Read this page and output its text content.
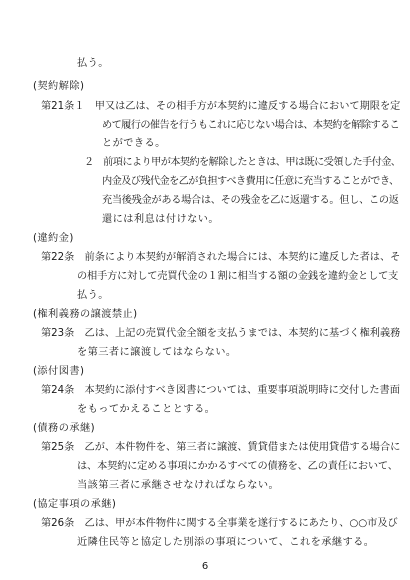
払う。
(契約解除)
第21条１　甲又は乙は、その相手方が本契約に違反する場合において期限を定
めて履行の催告を行うもこれに応じない場合は、本契約を解除するこ
とができる。
２　前項により甲が本契約を解除したときは、甲は既に受領した手付金、
内金及び残代金を乙が負担すべき費用に任意に充当することができ、
充当後残金がある場合は、その残金を乙に返還する。但し、この返
還には利息は付けない。
(違約金)
第22条　前条により本契約が解消された場合には、本契約に違反した者は、そ
の相手方に対して売買代金の１割に相当する額の金銭を違約金として支
払う。
(権利義務の譲渡禁止)
第23条　乙は、上記の売買代金全額を支払うまでは、本契約に基づく権利義務
を第三者に譲渡してはならない。
(添付図書)
第24条　本契約に添付すべき図書については、重要事項説明時に交付した書面
をもってかえることとする。
(債務の承継)
第25条　乙が、本件物件を、第三者に譲渡、賃貸借または使用貸借する場合に
は、本契約に定める事項にかかるすべての債務を、乙の責任において、
当該第三者に承継させなければならない。
(協定事項の承継)
第26条　乙は、甲が本件物件に関する全事業を遂行するにあたり、○○市及び
近隣住民等と協定した別添の事項について、これを承継する。
6
